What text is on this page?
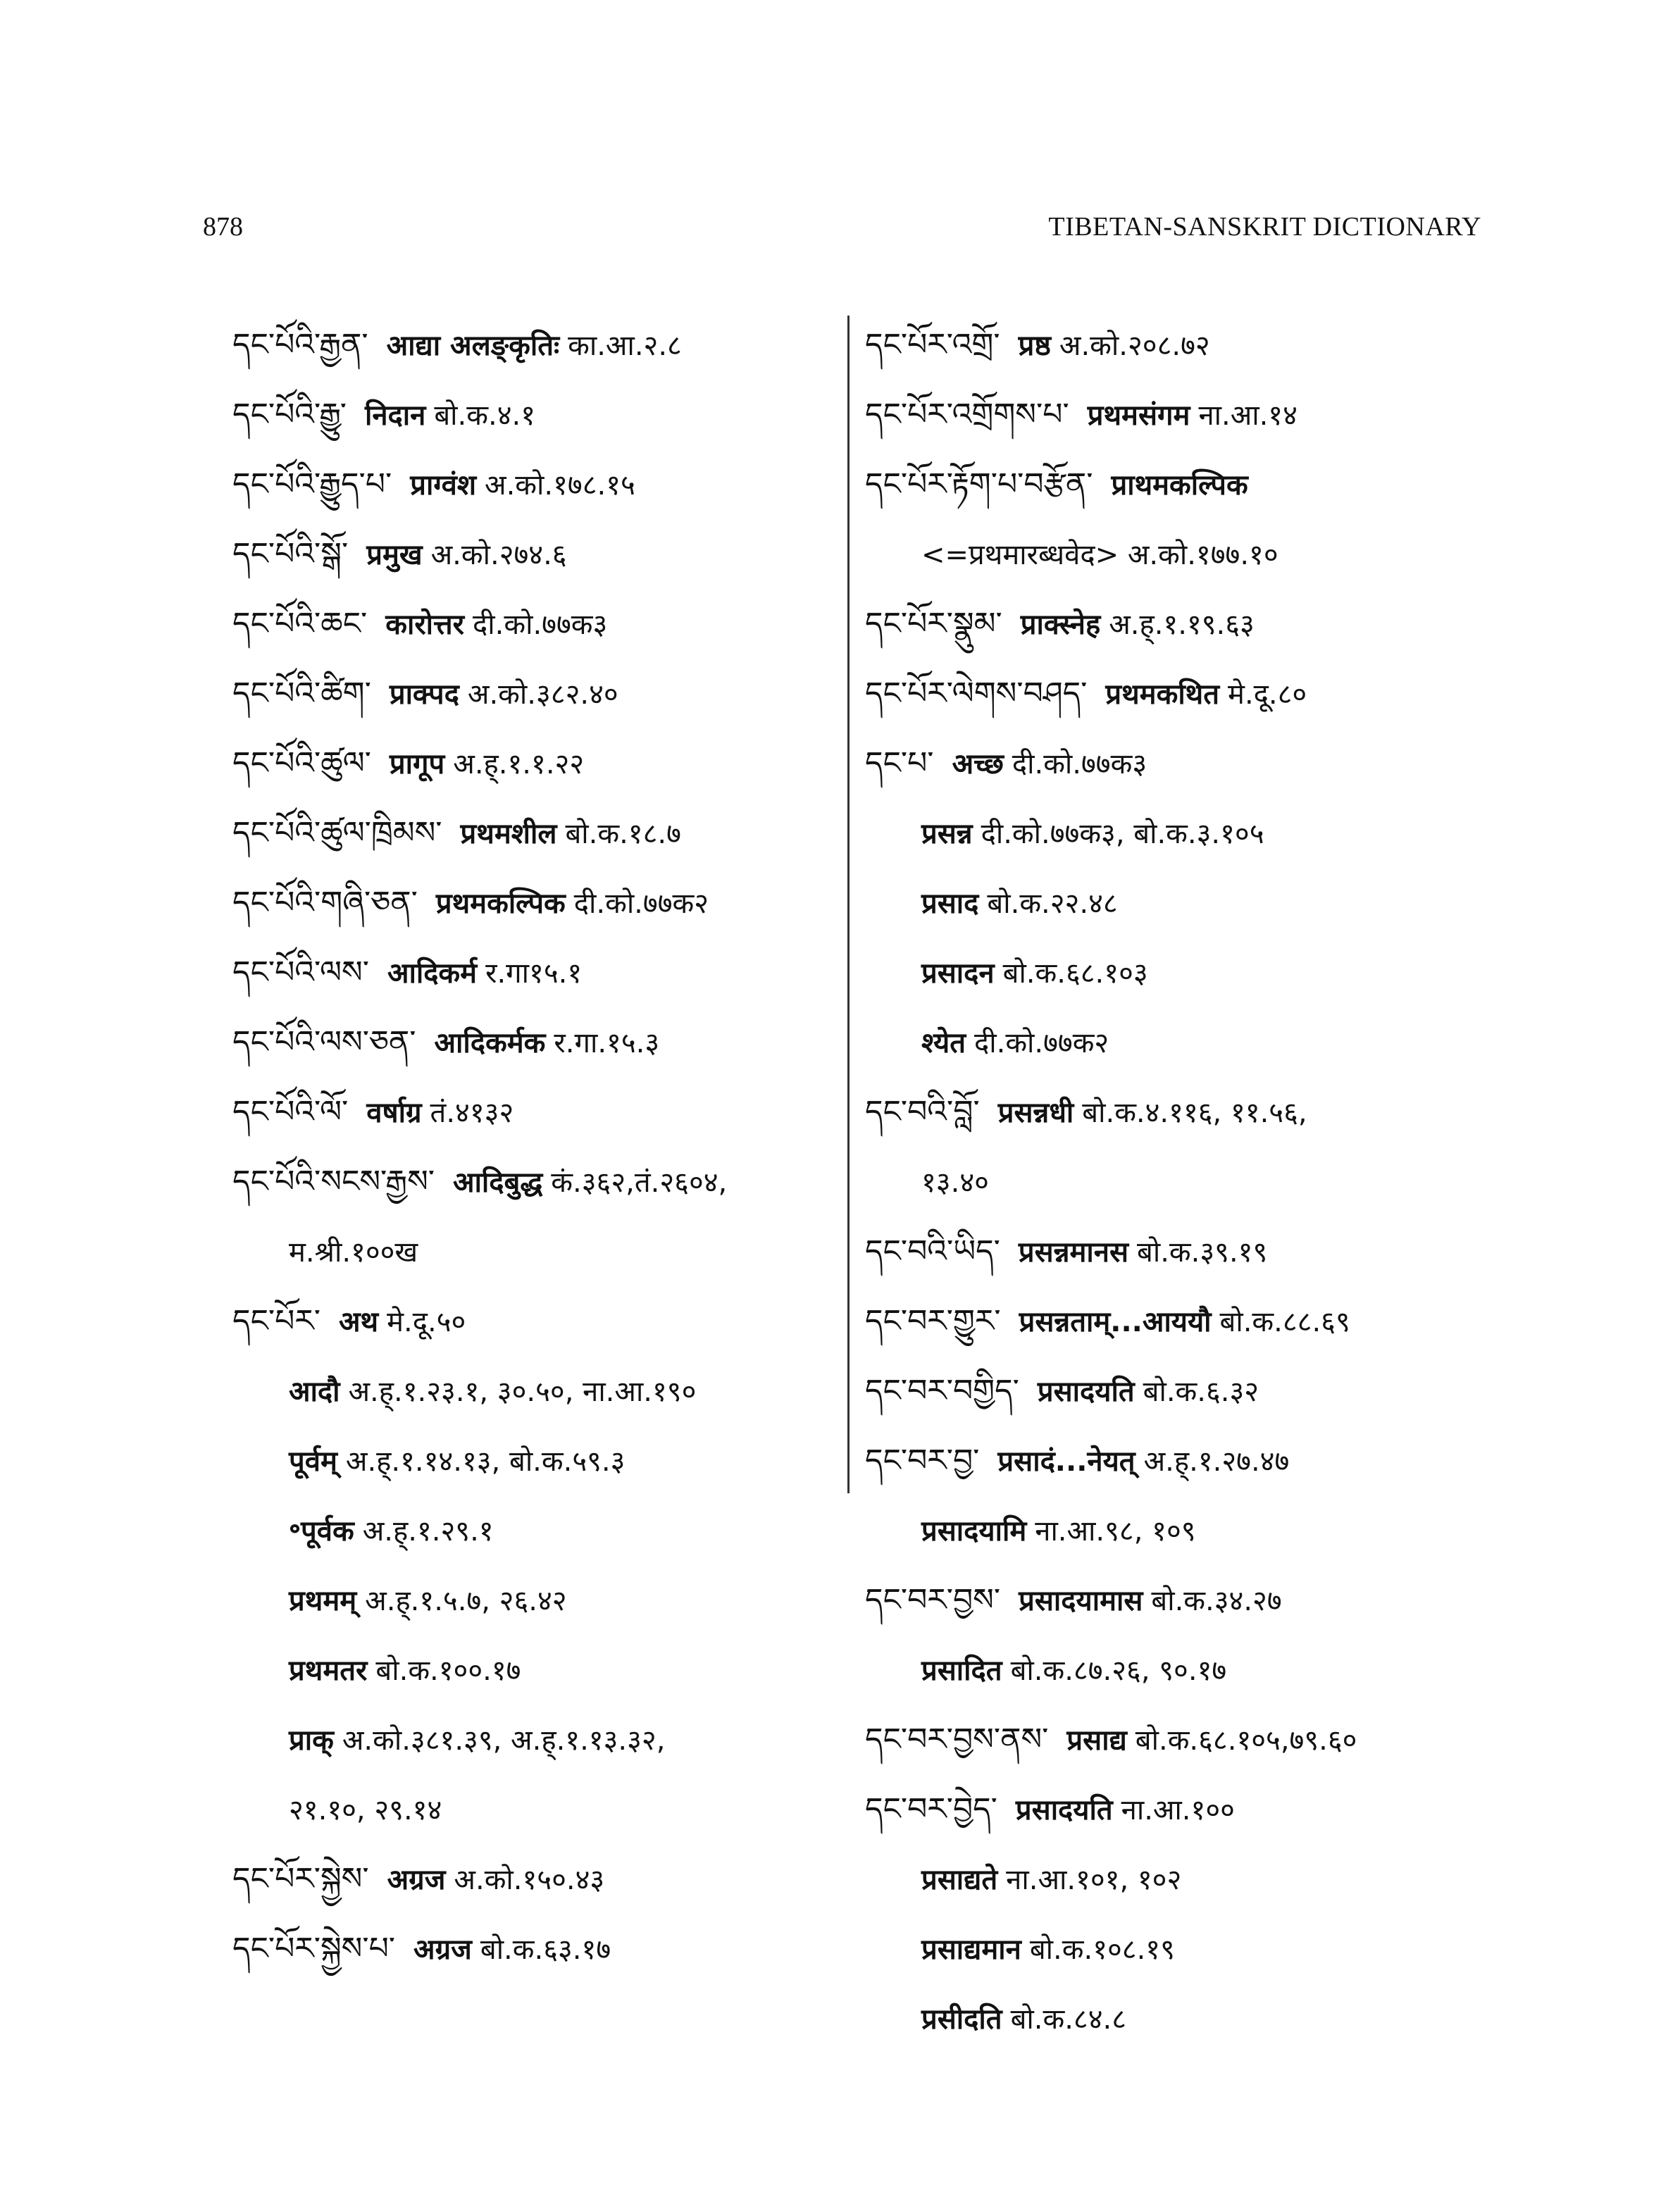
878	TIBETAN-SANSKRIT DICTIONARY
དང་པོའི་རྒྱན་ आद्या अलङ्कृतिः का.आ.२.८
དང་པོའི་རྒྱུ་ निदान बो.क.४.१
དང་པོའི་རྒྱུད་པ་ प्राग्वंश अ.को.१७८.१५
དང་པོའི་སྒོ་ प्रमुख अ.को.२७४.६
དང་པོའི་ཆང་ कारोत्तर दी.को.७७क३
དང་པོའི་ཚིག་ प्राक्पद अ.को.३८२.४०
དང་པོའི་ཚུལ་ प्रागूप अ.ह्.१.१.२२
དང་པོའི་ཚུལ་ཁྲིམས་ प्रथमशील बो.क.१८.७
དང་པོའི་གཞི་ཅན་ प्रथमकल्पिक दी.को.७७क२
དང་པོའི་ལས་ आदिकर्म र.गा१५.१
དང་པོའི་ལས་ཅན་ आदिकर्मक र.गा.१५.३
དང་པོའི་ལོ་ वर्षाग्र तं.४१३२
དང་པོའི་སངས་རྒྱས་ आदिबुद्ध कं.३६२,तं.२६०४,
म.श्री.१००ख
དང་པོར་ अथ मे.दू.५०
आदौ अ.ह्.१.२३.१, ३०.५०, ना.आ.१९०
पूर्वम् अ.ह्.१.१४.१३, बो.क.५९.३
॰पूर्वक अ.ह्.१.२९.१
प्रथमम् अ.ह्.१.५.७, २६.४२
प्रथमतर बो.क.१००.१७
प्राक् अ.को.३८१.३९, अ.ह्.१.१३.३२,
२१.१०, २९.१४
དང་པོར་སྐྱེས་ अग्रज अ.को.१५०.४३
དང་པོར་སྐྱེས་པ་ अग्रज बो.क.६३.१७
དང་པོར་འགྲོ་ प्रष्ठ अ.को.२०८.७२
དང་པོར་འགྲོགས་པ་ प्रथमसंगम ना.आ.१४
དང་པོར་རྟོག་པ་བརྩོན་ प्राथमकल्पिक
<=प्रथमारब्धवेद> अ.को.१७७.१०
དང་པོར་སྣུམ་ प्राक्स्नेह अ.ह्.१.१९.६३
དང་པོར་ལེགས་བཤད་ प्रथमकथित मे.दू.८०
དང་པ་ अच्छ दी.को.७७क३
प्रसन्न दी.को.७७क३, बो.क.३.१०५
प्रसाद बो.क.२२.४८
प्रसादन बो.क.६८.१०३
श्येत दी.को.७७क२
དང་བའི་བློ་ प्रसन्नधी बो.क.४.११६, ११.५६,
१३.४०
དང་བའི་ཡིད་ प्रसन्नमानस बो.क.३९.१९
དང་བར་གྱུར་ प्रसन्नताम्...आययौ बो.क.८८.६९
དང་བར་བགྱིད་ प्रसादयति बो.क.६.३२
དང་བར་བྱ་ प्रसादं...नेयत् अ.ह्.१.२७.४७
प्रसादयामि ना.आ.९८, १०९
དང་བར་བྱས་ प्रसादयामास बो.क.३४.२७
प्रसादित बो.क.८७.२६, ९०.१७
དང་བར་བྱས་ནས་ प्रसाद्य बो.क.६८.१०५,७९.६०
དང་བར་བྱེད་ प्रसादयति ना.आ.१००
प्रसाद्यते ना.आ.१०१, १०२
प्रसाद्यमान बो.क.१०८.१९
प्रसीदति बो.क.८४.८
